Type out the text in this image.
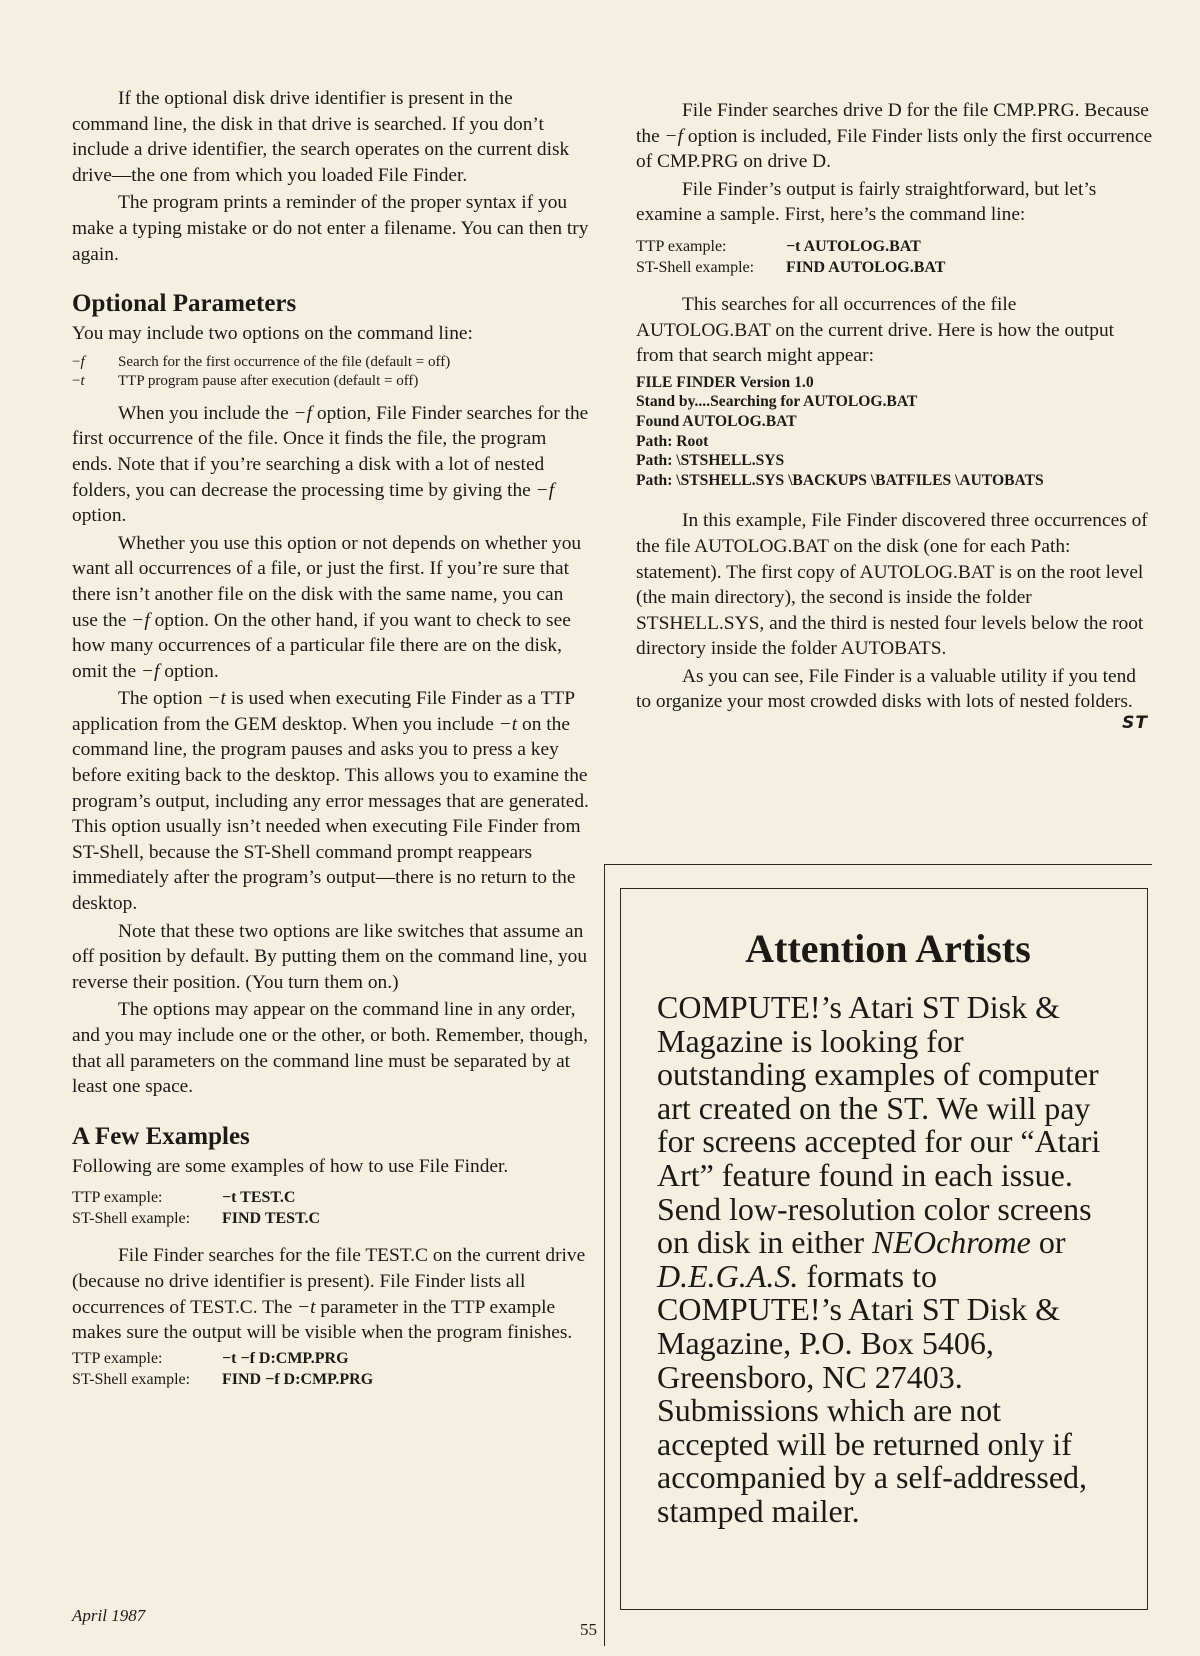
If the optional disk drive identifier is present in the command line, the disk in that drive is searched. If you don’t include a drive identifier, the search operates on the current disk drive—the one from which you loaded File Finder.

The program prints a reminder of the proper syntax if you make a typing mistake or do not enter a filename. You can then try again.

Optional Parameters

You may include two options on the command line:

−f	Search for the first occurrence of the file (default = off)
−t	TTP program pause after execution (default = off)

When you include the −f option, File Finder searches for the first occurrence of the file. Once it finds the file, the program ends. Note that if you’re searching a disk with a lot of nested folders, you can decrease the processing time by giving the −f option.

Whether you use this option or not depends on whether you want all occurrences of a file, or just the first. If you’re sure that there isn’t another file on the disk with the same name, you can use the −f option. On the other hand, if you want to check to see how many occurrences of a particular file there are on the disk, omit the −f option.

The option −t is used when executing File Finder as a TTP application from the GEM desktop. When you include −t on the command line, the program pauses and asks you to press a key before exiting back to the desktop. This allows you to examine the program’s output, including any error messages that are generated. This option usually isn’t needed when executing File Finder from ST-Shell, because the ST-Shell command prompt reappears immediately after the program’s output—there is no return to the desktop.

Note that these two options are like switches that assume an off position by default. By putting them on the command line, you reverse their position. (You turn them on.)

The options may appear on the command line in any order, and you may include one or the other, or both. Remember, though, that all parameters on the command line must be separated by at least one space.

A Few Examples

Following are some examples of how to use File Finder.

TTP example:	−t TEST.C
ST-Shell example:	FIND TEST.C

File Finder searches for the file TEST.C on the current drive (because no drive identifier is present). File Finder lists all occurrences of TEST.C. The −t parameter in the TTP example makes sure the output will be visible when the program finishes.

TTP example:	−t −f D:CMP.PRG
ST-Shell example:	FIND −f D:CMP.PRG

File Finder searches drive D for the file CMP.PRG. Because the −f option is included, File Finder lists only the first occurrence of CMP.PRG on drive D.

File Finder’s output is fairly straightforward, but let’s examine a sample. First, here’s the command line:

TTP example:	−t AUTOLOG.BAT
ST-Shell example:	FIND AUTOLOG.BAT

This searches for all occurrences of the file AUTOLOG.BAT on the current drive. Here is how the output from that search might appear:

FILE FINDER Version 1.0
Stand by....Searching for AUTOLOG.BAT
Found AUTOLOG.BAT
Path: Root
Path: \STSHELL.SYS
Path: \STSHELL.SYS \BACKUPS \BATFILES \AUTOBATS

In this example, File Finder discovered three occurrences of the file AUTOLOG.BAT on the disk (one for each Path: statement). The first copy of AUTOLOG.BAT is on the root level (the main directory), the second is inside the folder STSHELL.SYS, and the third is nested four levels below the root directory inside the folder AUTOBATS.

As you can see, File Finder is a valuable utility if you tend to organize your most crowded disks with lots of nested folders.

ST
Attention Artists

COMPUTE!’s Atari ST Disk & Magazine is looking for outstanding examples of computer art created on the ST. We will pay for screens accepted for our “Atari Art” feature found in each issue. Send low-resolution color screens on disk in either NEOchrome or D.E.G.A.S. formats to COMPUTE!’s Atari ST Disk & Magazine, P.O. Box 5406, Greensboro, NC 27403. Submissions which are not accepted will be returned only if accompanied by a self-addressed, stamped mailer.

April 1987
55
